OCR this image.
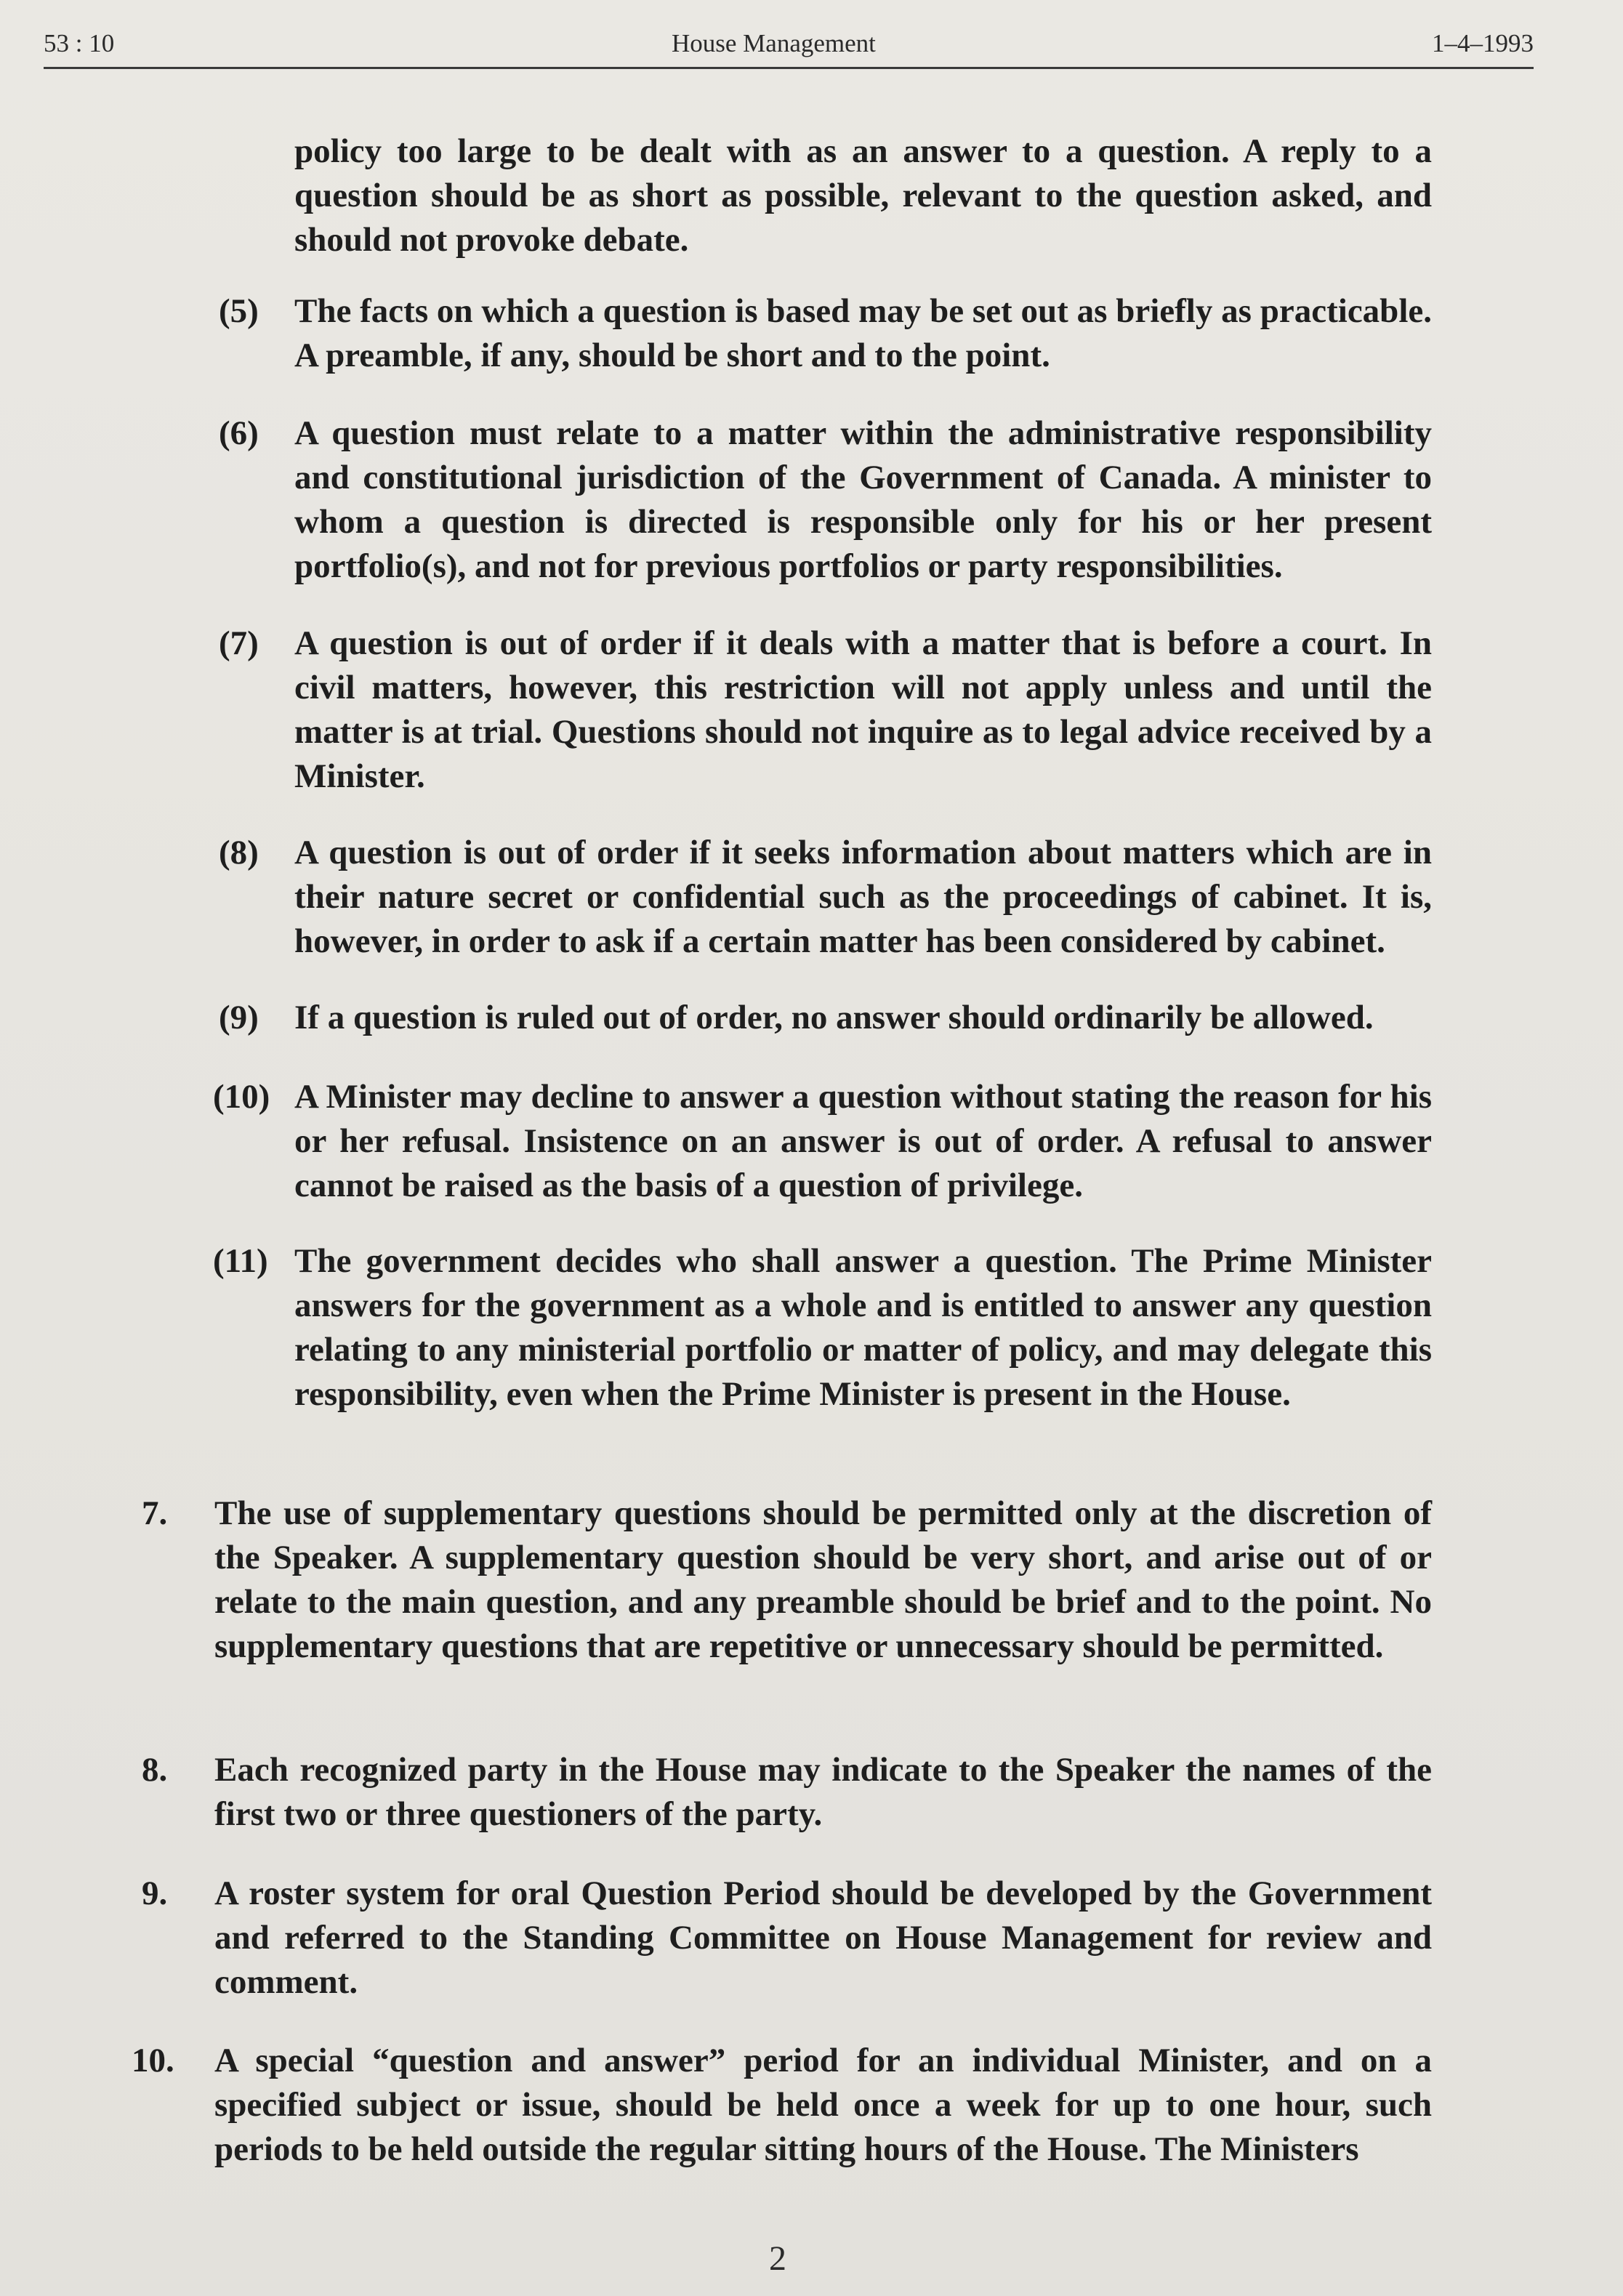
53 : 10	House Management	1–4–1993
policy too large to be dealt with as an answer to a question. A reply to a question should be as short as possible, relevant to the question asked, and should not provoke debate.
(5) The facts on which a question is based may be set out as briefly as practicable. A preamble, if any, should be short and to the point.
(6) A question must relate to a matter within the administrative responsibility and constitutional jurisdiction of the Government of Canada. A minister to whom a question is directed is responsible only for his or her present portfolio(s), and not for previous portfolios or party responsibilities.
(7) A question is out of order if it deals with a matter that is before a court. In civil matters, however, this restriction will not apply unless and until the matter is at trial. Questions should not inquire as to legal advice received by a Minister.
(8) A question is out of order if it seeks information about matters which are in their nature secret or confidential such as the proceedings of cabinet. It is, however, in order to ask if a certain matter has been considered by cabinet.
(9) If a question is ruled out of order, no answer should ordinarily be allowed.
(10) A Minister may decline to answer a question without stating the reason for his or her refusal. Insistence on an answer is out of order. A refusal to answer cannot be raised as the basis of a question of privilege.
(11) The government decides who shall answer a question. The Prime Minister answers for the government as a whole and is entitled to answer any question relating to any ministerial portfolio or matter of policy, and may delegate this responsibility, even when the Prime Minister is present in the House.
7. The use of supplementary questions should be permitted only at the discretion of the Speaker. A supplementary question should be very short, and arise out of or relate to the main question, and any preamble should be brief and to the point. No supplementary questions that are repetitive or unnecessary should be permitted.
8. Each recognized party in the House may indicate to the Speaker the names of the first two or three questioners of the party.
9. A roster system for oral Question Period should be developed by the Government and referred to the Standing Committee on House Management for review and comment.
10. A special “question and answer” period for an individual Minister, and on a specified subject or issue, should be held once a week for up to one hour, such periods to be held outside the regular sitting hours of the House. The Ministers
2
